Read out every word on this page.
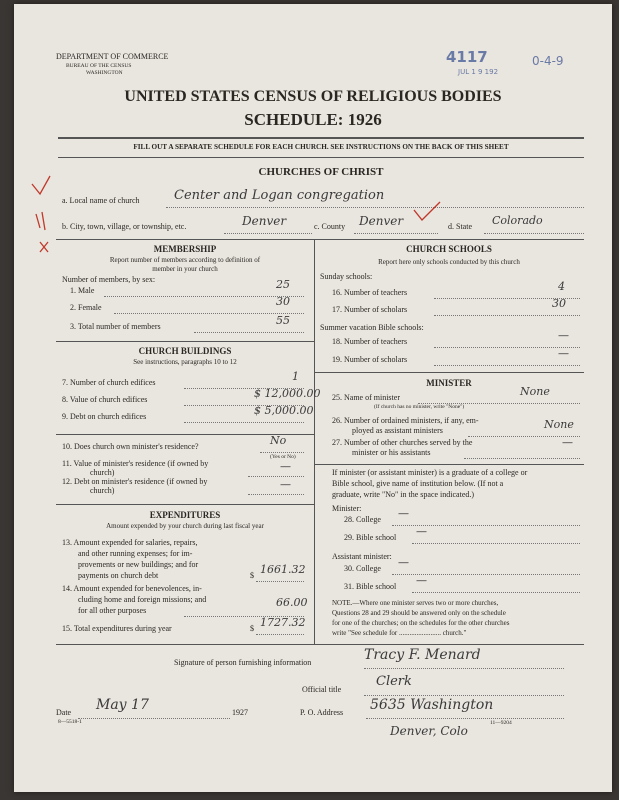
DEPARTMENT OF COMMERCE
BUREAU OF THE CENSUS
WASHINGTON
4117
JUL 1 9 192
0-4-9
UNITED STATES CENSUS OF RELIGIOUS BODIES
SCHEDULE: 1926
FILL OUT A SEPARATE SCHEDULE FOR EACH CHURCH. SEE INSTRUCTIONS ON THE BACK OF THIS SHEET
CHURCHES OF CHRIST
a. Local name of church	Center and Logan congregation
b. City, town, village, or township, etc.	Denver	c. County Denver	d. State Colorado
MEMBERSHIP
Report number of members according to definition of
member in your church
Number of members, by sex:
1. Male	25
2. Female	30
3. Total number of members	55
CHURCH BUILDINGS
See instructions, paragraphs 10 to 12
7. Number of church edifices	1
8. Value of church edifices	$ 12,000.00
9. Debt on church edifices	$ 5,000.00
10. Does church own minister's residence?	No
(Yes or No)
11. Value of minister's residence (if owned by
church)	—
12. Debt on minister's residence (if owned by
church)	—
EXPENDITURES
Amount expended by your church during last fiscal year
13. Amount expended for salaries, repairs,
and other running expenses; for im-
provements or new buildings; and for
payments on church debt	$ 1661.32
14. Amount expended for benevolences, in-
cluding home and foreign missions; and
for all other purposes
66.00
15. Total expenditures during year	$ 1727.32
CHURCH SCHOOLS
Report here only schools conducted by this church
Sunday schools:
16. Number of teachers	4
17. Number of scholars	30
Summer vacation Bible schools:
18. Number of teachers	—
19. Number of scholars	—
MINISTER
25. Name of minister	None
(If church has no minister, write "None")
26. Number of ordained ministers, if any, em-
ployed as assistant ministers	None
27. Number of other churches served by the
minister or his assistants
—
If minister (or assistant minister) is a graduate of a college or
Bible school, give name of institution below. (If not a
graduate, write "No" in the space indicated.)
Minister:
28. College —
29. Bible school —
Assistant minister:
30. College —
31. Bible school —
NOTE.—Where one minister serves two or more churches,
Questions 28 and 29 should be answered only on the schedule
for one of the churches; on the schedules for the other churches
write "See schedule for ........................ church."
Signature of person furnishing information	Tracy F. Menard
Official title
Clerk
Date May 17	1927
8—5518-1
P. O. Address 5635 Washington
11—9204
Denver, Colo
